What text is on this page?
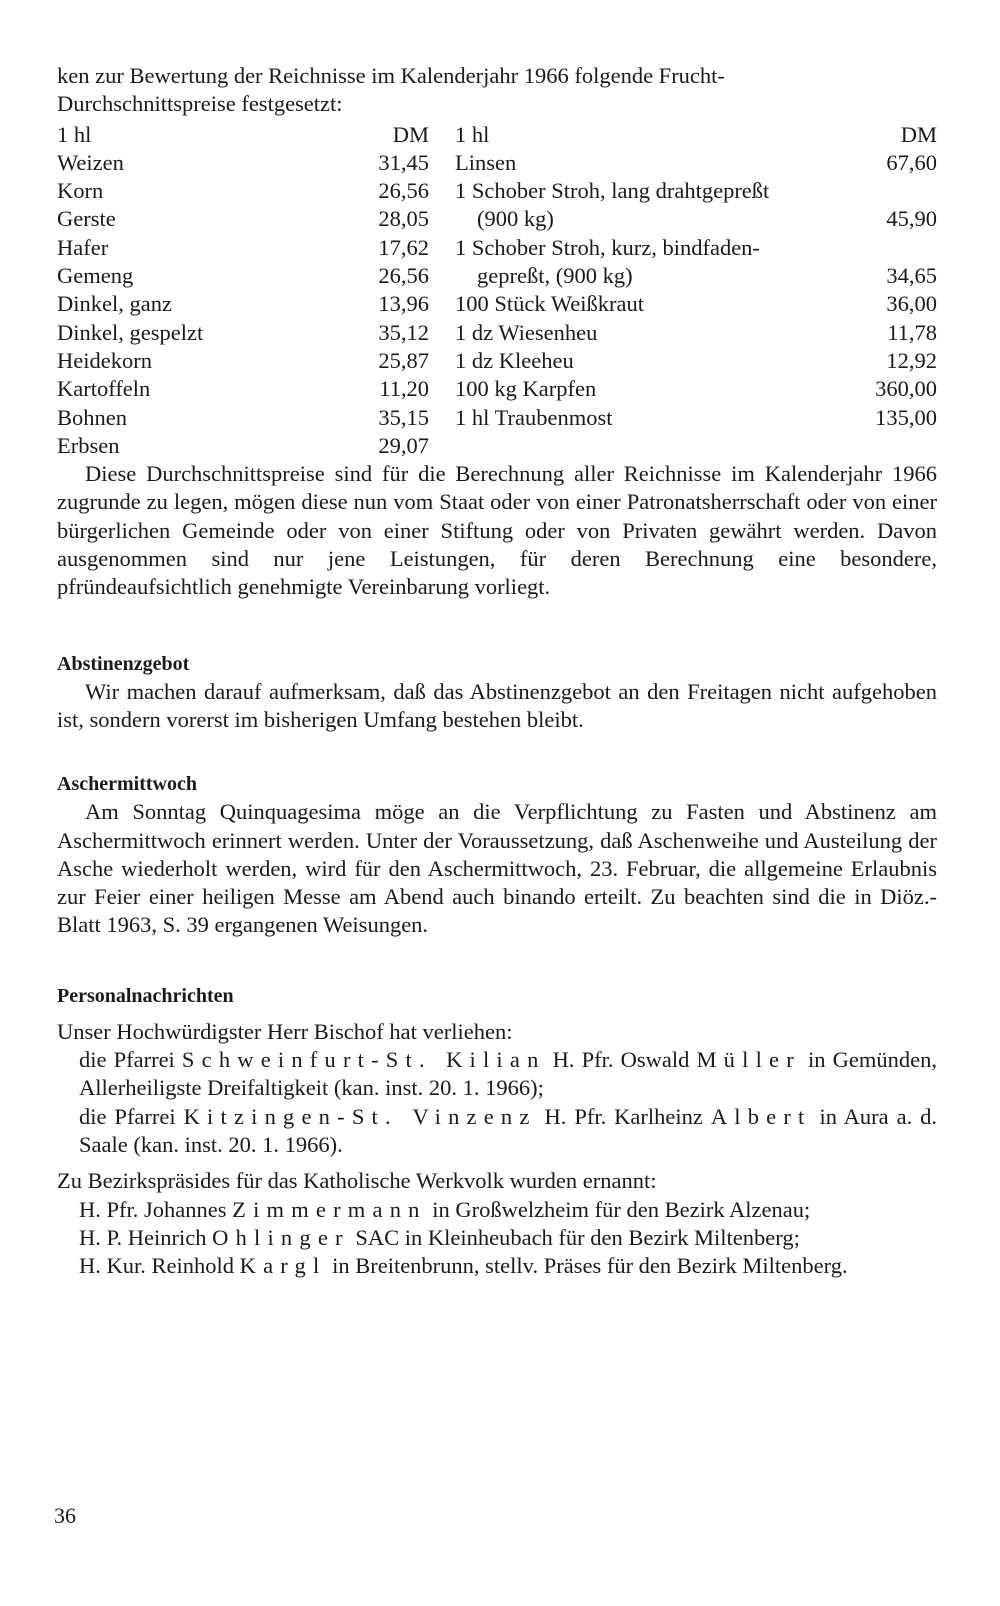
ken zur Bewertung der Reichnisse im Kalenderjahr 1966 folgende Frucht-
Durchschnittspreise festgesetzt:

1 hl	DM
Weizen	31,45
Korn	26,56
Gerste	28,05
Hafer	17,62
Gemeng	26,56
Dinkel, ganz	13,96
Dinkel, gespelzt	35,12
Heidekorn	25,87
Kartoffeln	11,20
Bohnen	35,15
Erbsen	29,07
1 hl	DM
Linsen	67,60
1 Schober Stroh, lang drahtgepreßt
(900 kg)	45,90
1 Schober Stroh, kurz, bindfaden-
gepreßt, (900 kg)	34,65
100 Stück Weißkraut	36,00
1 dz Wiesenheu	11,78
1 dz Kleeheu	12,92
100 kg Karpfen	360,00
1 hl Traubenmost	135,00

Diese Durchschnittspreise sind für die Berechnung aller Reichnisse im Kalenderjahr 1966 zugrunde zu legen, mögen diese nun vom Staat oder von einer Patronatsherrschaft oder von einer bürgerlichen Gemeinde oder von einer Stiftung oder von Privaten gewährt werden. Davon ausgenommen sind nur jene Leistungen, für deren Berechnung eine besondere, pfründeaufsichtlich genehmigte Vereinbarung vorliegt.

Abstinenzgebot

Wir machen darauf aufmerksam, daß das Abstinenzgebot an den Freitagen nicht aufgehoben ist, sondern vorerst im bisherigen Umfang bestehen bleibt.

Aschermittwoch

Am Sonntag Quinquagesima möge an die Verpflichtung zu Fasten und Abstinenz am Aschermittwoch erinnert werden. Unter der Voraussetzung, daß Aschenweihe und Austeilung der Asche wiederholt werden, wird für den Aschermittwoch, 23. Februar, die allgemeine Erlaubnis zur Feier einer heiligen Messe am Abend auch binando erteilt. Zu beachten sind die in Diöz.-Blatt 1963, S. 39 ergangenen Weisungen.

Personalnachrichten

Unser Hochwürdigster Herr Bischof hat verliehen:

die Pfarrei Schweinfurt-St. Kilian H. Pfr. Oswald Müller in Gemünden, Allerheiligste Dreifaltigkeit (kan. inst. 20. 1. 1966);

die Pfarrei Kitzingen-St. Vinzenz H. Pfr. Karlheinz Albert in Aura a. d. Saale (kan. inst. 20. 1. 1966).

Zu Bezirkspräsides für das Katholische Werkvolk wurden ernannt:

H. Pfr. Johannes Zimmermann in Großwelzheim für den Bezirk Alzenau;

H. P. Heinrich Ohlinger SAC in Kleinheubach für den Bezirk Miltenberg;

H. Kur. Reinhold Kargl in Breitenbrunn, stellv. Präses für den Bezirk Miltenberg.

36
